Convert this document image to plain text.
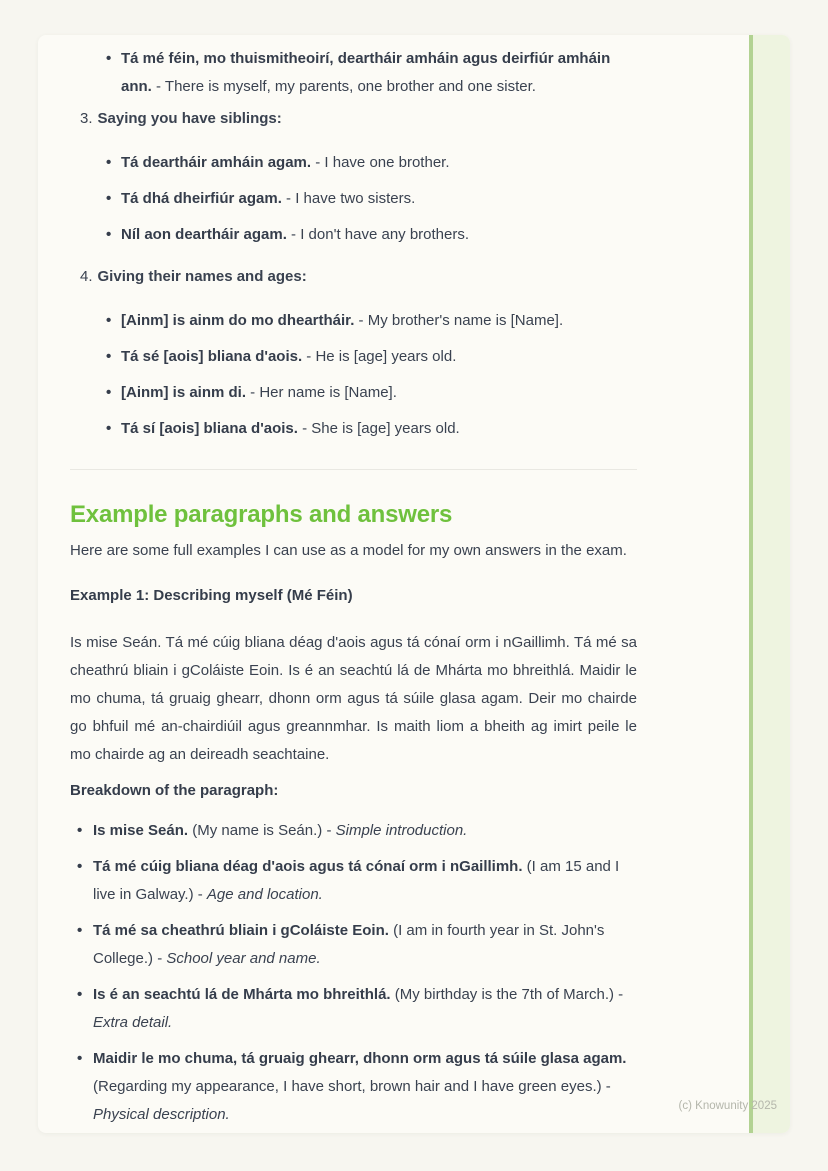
• Tá mé féin, mo thuismitheoirí, deartháir amháin agus deirfiúr amháin ann. - There is myself, my parents, one brother and one sister.
3. Saying you have siblings:
• Tá deartháir amháin agam. - I have one brother.
• Tá dhá dheirfiúr agam. - I have two sisters.
• Níl aon deartháir agam. - I don't have any brothers.
4. Giving their names and ages:
• [Ainm] is ainm do mo dheartháir. - My brother's name is [Name].
• Tá sé [aois] bliana d'aois. - He is [age] years old.
• [Ainm] is ainm di. - Her name is [Name].
• Tá sí [aois] bliana d'aois. - She is [age] years old.
Example paragraphs and answers

Here are some full examples I can use as a model for my own answers in the exam.

Example 1: Describing myself (Mé Féin)

Is mise Seán. Tá mé cúig bliana déag d'aois agus tá cónaí orm i nGaillimh. Tá mé sa cheathrú bliain i gColáiste Eoin. Is é an seachtú lá de Mhárta mo bhreithlá. Maidir le mo chuma, tá gruaig ghearr, dhonn orm agus tá súile glasa agam. Deir mo chairde go bhfuil mé an-chairdiúil agus greannmhar. Is maith liom a bheith ag imirt peile le mo chairde ag an deireadh seachtaine.

Breakdown of the paragraph:
• Is mise Seán. (My name is Seán.) - Simple introduction.
• Tá mé cúig bliana déag d'aois agus tá cónaí orm i nGaillimh. (I am 15 and I live in Galway.) - Age and location.
• Tá mé sa cheathrú bliain i gColáiste Eoin. (I am in fourth year in St. John's College.) - School year and name.
• Is é an seachtú lá de Mhárta mo bhreithlá. (My birthday is the 7th of March.) - Extra detail.
• Maidir le mo chuma, tá gruaig ghearr, dhonn orm agus tá súile glasa agam. (Regarding my appearance, I have short, brown hair and I have green eyes.) - Physical description.	(c) Knowunity 2025
